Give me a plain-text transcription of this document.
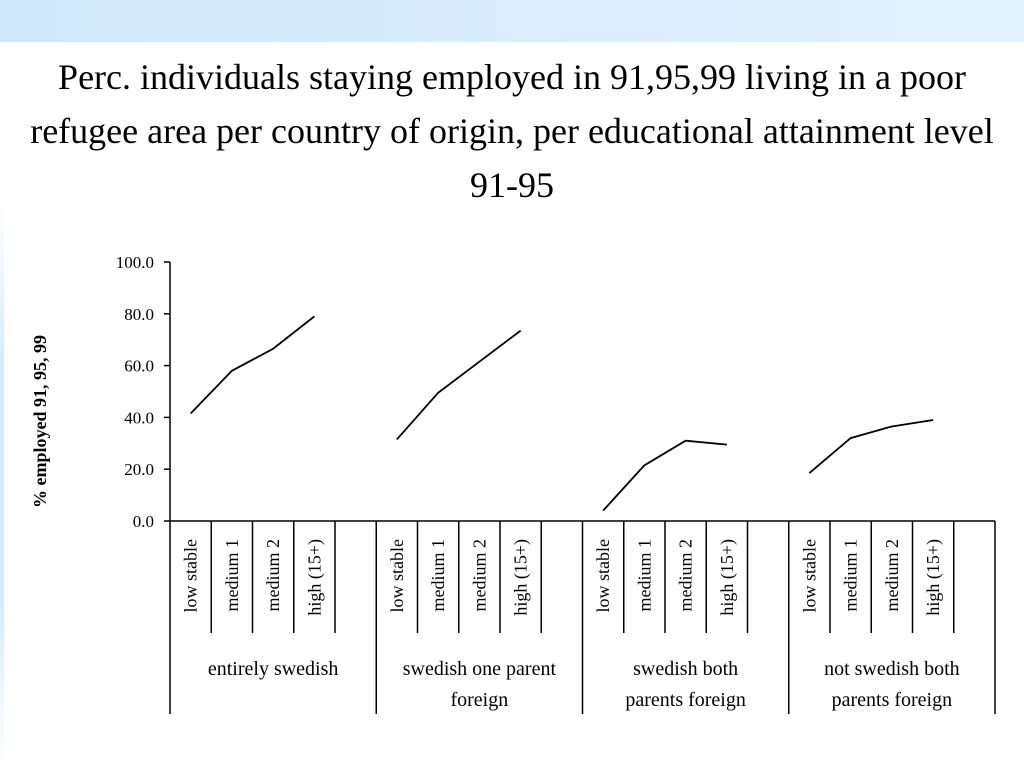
Perc. individuals staying employed in 91,95,99 living in a poor refugee area per country of origin, per educational attainment level 91-95
0.0
20.0
40.0
60.0
80.0
100.0
% employed 91, 95, 99
low stable medium 1 medium 2 high (15+)
entirely swedish
low stable medium 1 medium 2 high (15+)
swedish one parent
foreign
low stable medium 1 medium 2 high (15+)
swedish both
parents foreign
low stable medium 1 medium 2 high (15+)
not swedish both
parents foreign
